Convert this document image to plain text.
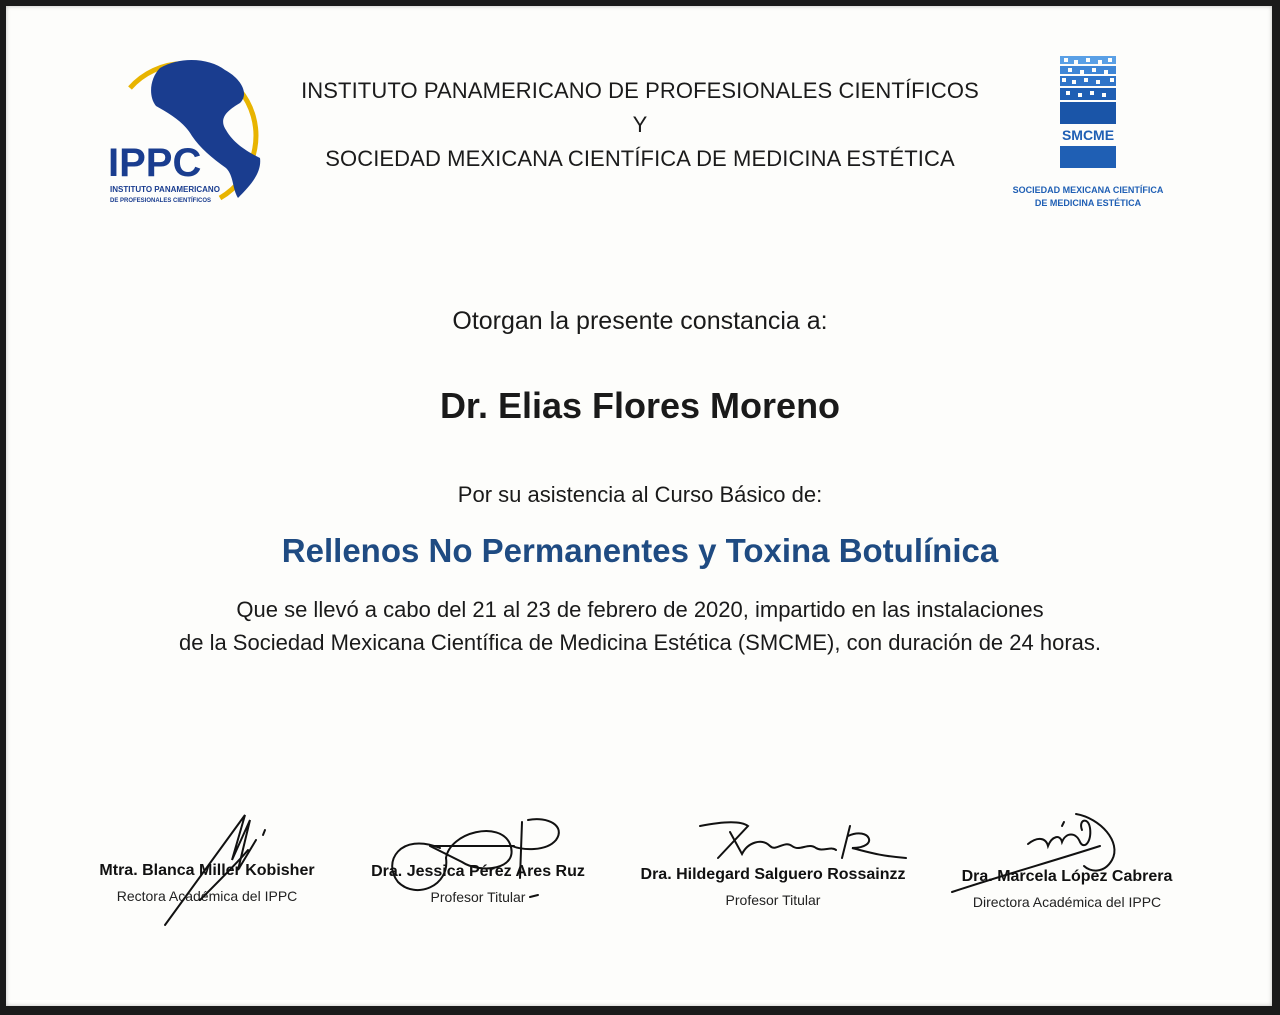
IPPC
INSTITUTO PANAMERICANO
DE PROFESIONALES CIENTÍFICOS
SMCME
SOCIEDAD MEXICANA CIENTÍFICA
DE MEDICINA ESTÉTICA
INSTITUTO PANAMERICANO DE PROFESIONALES CIENTÍFICOS
Y
SOCIEDAD MEXICANA CIENTÍFICA DE MEDICINA ESTÉTICA
Otorgan la presente constancia a:
Dr. Elias Flores Moreno
Por su asistencia al Curso Básico de:
Rellenos No Permanentes y Toxina Botulínica
Que se llevó a cabo del 21 al 23 de febrero de 2020, impartido en las instalaciones
de la Sociedad Mexicana Científica de Medicina Estética (SMCME), con duración de 24 horas.
Mtra. Blanca Miller Kobisher
Rectora Académica del IPPC
Dra. Jessica Pérez Ares Ruz
Profesor Titular
Dra. Hildegard Salguero Rossainzz
Profesor Titular
Dra. Marcela López Cabrera
Directora Académica del IPPC
